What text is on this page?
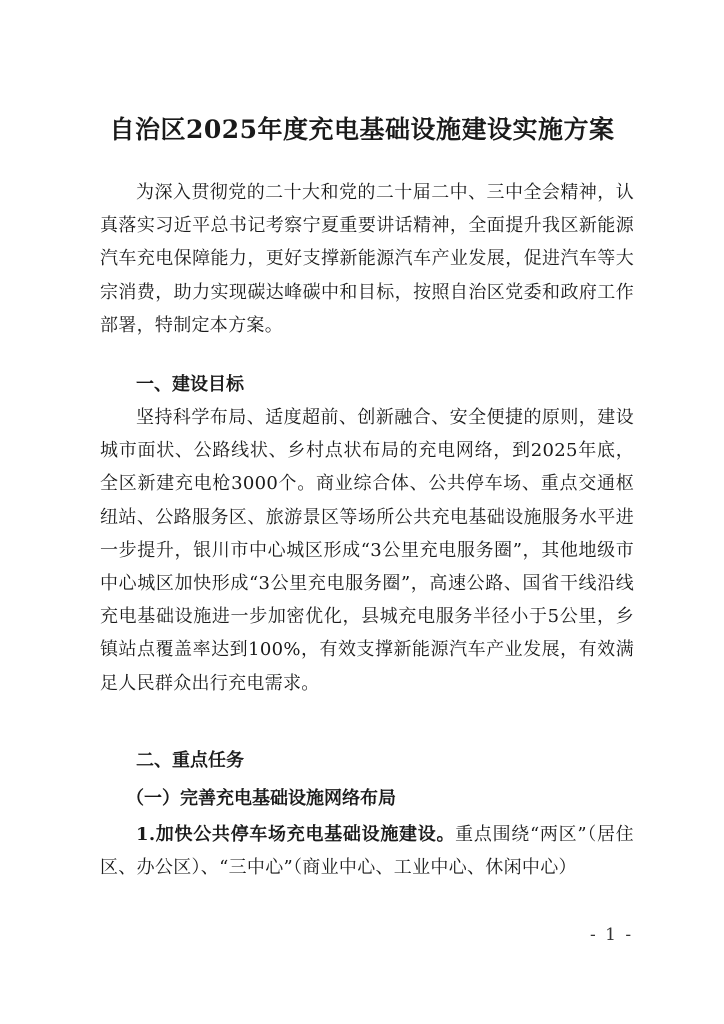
自治区2025年度充电基础设施建设实施方案

为深入贯彻党的二十大和党的二十届二中、三中全会精神，认真落实习近平总书记考察宁夏重要讲话精神，全面提升我区新能源汽车充电保障能力，更好支撑新能源汽车产业发展，促进汽车等大宗消费，助力实现碳达峰碳中和目标，按照自治区党委和政府工作部署，特制定本方案。

一、建设目标

坚持科学布局、适度超前、创新融合、安全便捷的原则，建设城市面状、公路线状、乡村点状布局的充电网络，到2025年底，全区新建充电枪3000个。商业综合体、公共停车场、重点交通枢纽站、公路服务区、旅游景区等场所公共充电基础设施服务水平进一步提升，银川市中心城区形成“3公里充电服务圈”，其他地级市中心城区加快形成“3公里充电服务圈”，高速公路、国省干线沿线充电基础设施进一步加密优化，县城充电服务半径小于5公里，乡镇站点覆盖率达到100%，有效支撑新能源汽车产业发展，有效满足人民群众出行充电需求。

二、重点任务
（一）完善充电基础设施网络布局

1.加快公共停车场充电基础设施建设。重点围绕“两区”（居住区、办公区）、“三中心”（商业中心、工业中心、休闲中心）

- 1 -
